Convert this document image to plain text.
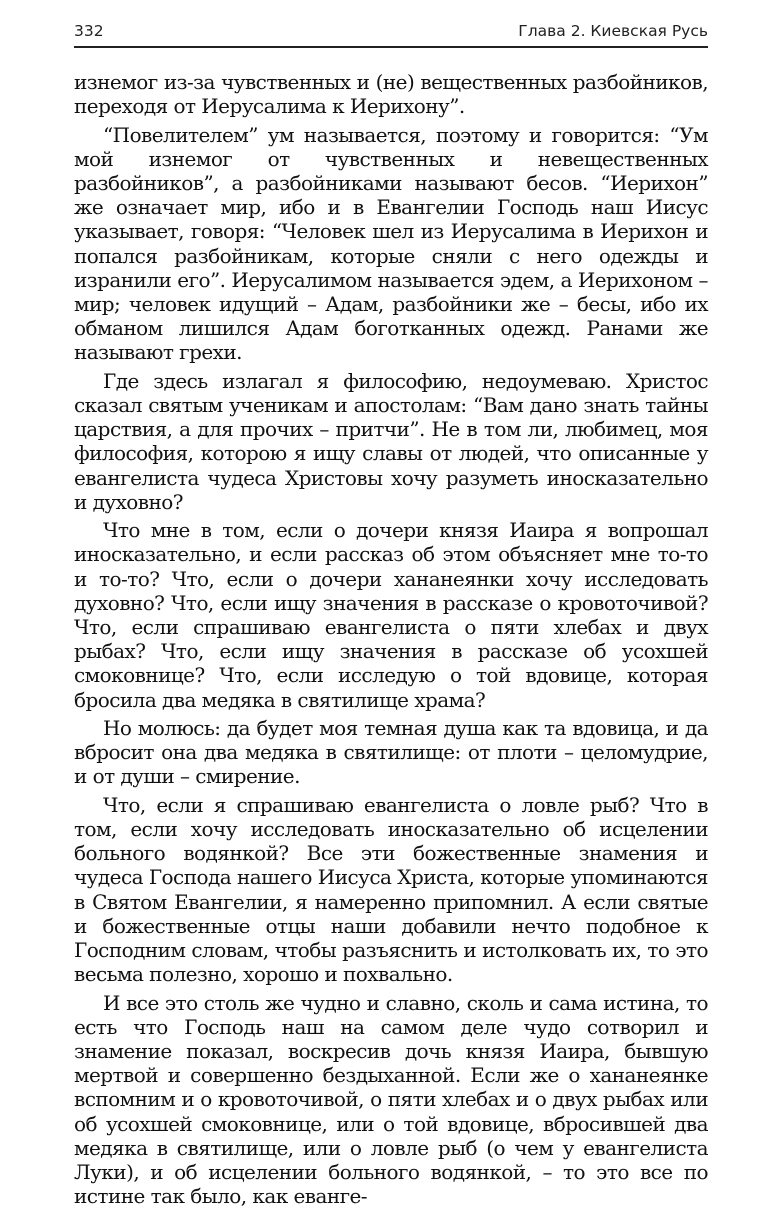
332	Глава 2. Киевская Русь

изнемог из-за чувственных и (не) вещественных разбойников, переходя от Иерусалима к Иерихону”.

“Повелителем” ум называется, поэтому и говорится: “Ум мой изнемог от чувственных и невещественных разбойников”, а разбойниками называют бесов. “Иерихон” же означает мир, ибо и в Евангелии Господь наш Иисус указывает, говоря: “Человек шел из Иерусалима в Иерихон и попался разбойникам, которые сняли с него одежды и изранили его”. Иерусалимом называется эдем, а Иерихоном – мир; человек идущий – Адам, разбойники же – бесы, ибо их обманом лишился Адам боготканных одежд. Ранами же называют грехи.

Где здесь излагал я философию, недоумеваю. Христос сказал святым ученикам и апостолам: “Вам дано знать тайны царствия, а для прочих – притчи”. Не в том ли, любимец, моя философия, которою я ищу славы от людей, что описанные у евангелиста чудеса Христовы хочу разуметь иносказательно и духовно?

Что мне в том, если о дочери князя Иаира я вопрошал иносказательно, и если рассказ об этом объясняет мне то-то и то-то? Что, если о дочери хананеянки хочу исследовать духовно? Что, если ищу значения в рассказе о кровоточивой? Что, если спрашиваю евангелиста о пяти хлебах и двух рыбах? Что, если ищу значения в рассказе об усохшей смоковнице? Что, если исследую о той вдовице, которая бросила два медяка в святилище храма?

Но молюсь: да будет моя темная душа как та вдовица, и да вбросит она два медяка в святилище: от плоти – целомудрие, и от души – смирение.

Что, если я спрашиваю евангелиста о ловле рыб? Что в том, если хочу исследовать иносказательно об исцелении больного водянкой? Все эти божественные знамения и чудеса Господа нашего Иисуса Христа, которые упоминаются в Святом Евангелии, я намеренно припомнил. А если святые и божественные отцы наши добавили нечто подобное к Господним словам, чтобы разъяснить и истолковать их, то это весьма полезно, хорошо и похвально.

И все это столь же чудно и славно, сколь и сама истина, то есть что Господь наш на самом деле чудо сотворил и знамение показал, воскресив дочь князя Иаира, бывшую мертвой и совершенно бездыханной. Если же о хананеянке вспомним и о кровоточивой, о пяти хлебах и о двух рыбах или об усохшей смоковнице, или о той вдовице, вбросившей два медяка в святилище, или о ловле рыб (о чем у евангелиста Луки), и об исцелении больного водянкой, – то это все по истине так было, как еванге-
